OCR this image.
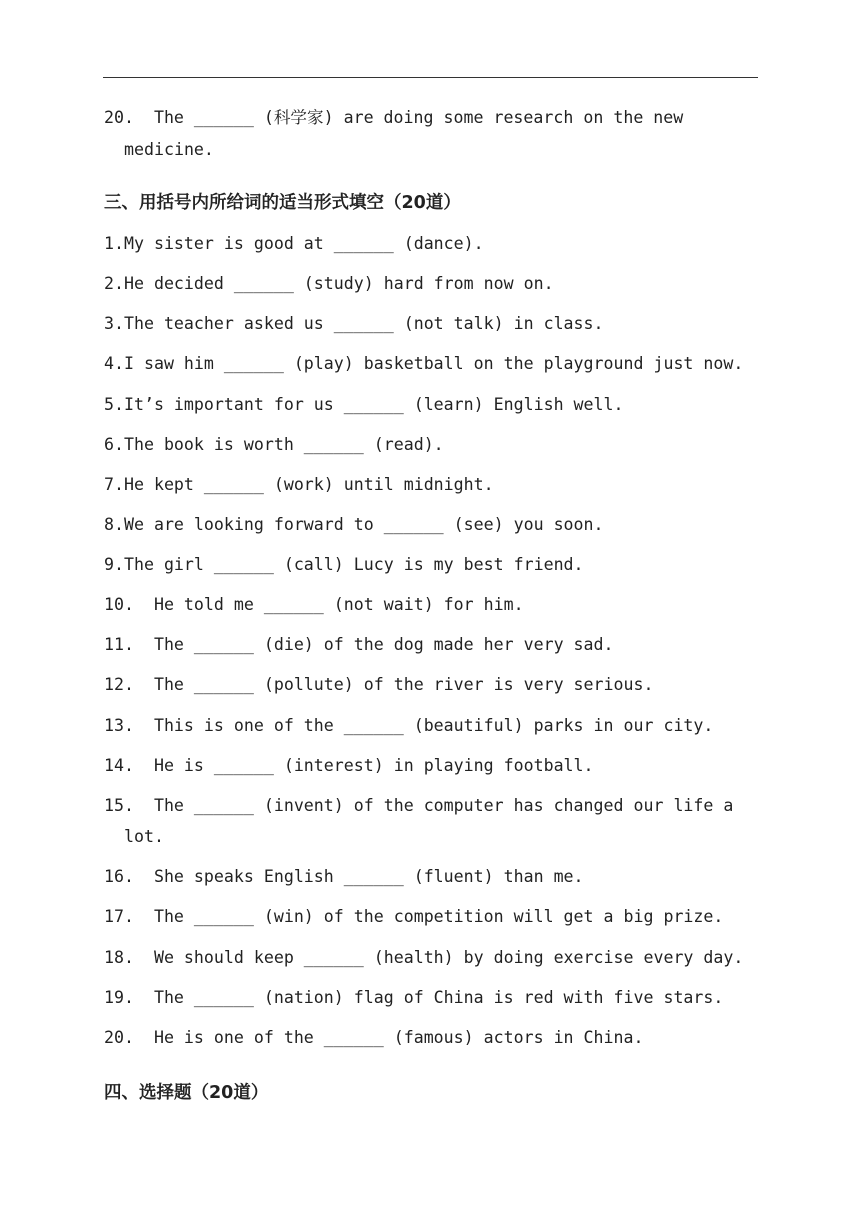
20.  The ______ (科学家) are doing some research on the new
medicine.
三、用括号内所给词的适当形式填空（20道）
1.My sister is good at ______ (dance).
2.He decided ______ (study) hard from now on.
3.The teacher asked us ______ (not talk) in class.
4.I saw him ______ (play) basketball on the playground just now.
5.It’s important for us ______ (learn) English well.
6.The book is worth ______ (read).
7.He kept ______ (work) until midnight.
8.We are looking forward to ______ (see) you soon.
9.The girl ______ (call) Lucy is my best friend.
10.  He told me ______ (not wait) for him.
11.  The ______ (die) of the dog made her very sad.
12.  The ______ (pollute) of the river is very serious.
13.  This is one of the ______ (beautiful) parks in our city.
14.  He is ______ (interest) in playing football.
15.  The ______ (invent) of the computer has changed our life a
lot.
16.  She speaks English ______ (fluent) than me.
17.  The ______ (win) of the competition will get a big prize.
18.  We should keep ______ (health) by doing exercise every day.
19.  The ______ (nation) flag of China is red with five stars.
20.  He is one of the ______ (famous) actors in China.
四、选择题（20道）
